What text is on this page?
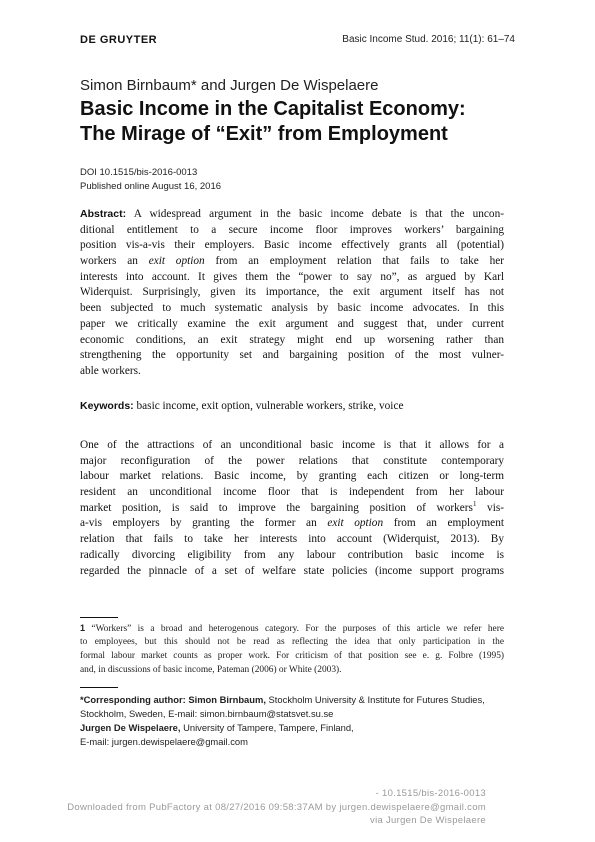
DE GRUYTER	Basic Income Stud. 2016; 11(1): 61–74
Simon Birnbaum* and Jurgen De Wispelaere
Basic Income in the Capitalist Economy:
The Mirage of “Exit” from Employment
DOI 10.1515/bis-2016-0013
Published online August 16, 2016
Abstract: A widespread argument in the basic income debate is that the uncon-
ditional entitlement to a secure income floor improves workers’ bargaining
position vis-a-vis their employers. Basic income effectively grants all (potential)
workers an exit option from an employment relation that fails to take her
interests into account. It gives them the “power to say no”, as argued by Karl
Widerquist. Surprisingly, given its importance, the exit argument itself has not
been subjected to much systematic analysis by basic income advocates. In this
paper we critically examine the exit argument and suggest that, under current
economic conditions, an exit strategy might end up worsening rather than
strengthening the opportunity set and bargaining position of the most vulner-
able workers.
Keywords: basic income, exit option, vulnerable workers, strike, voice
One of the attractions of an unconditional basic income is that it allows for a
major reconfiguration of the power relations that constitute contemporary
labour market relations. Basic income, by granting each citizen or long-term
resident an unconditional income floor that is independent from her labour
market position, is said to improve the bargaining position of workers$^1$ vis-
a-vis employers by granting the former an exit option from an employment
relation that fails to take her interests into account (Widerquist, 2013). By
radically divorcing eligibility from any labour contribution basic income is
regarded the pinnacle of a set of welfare state policies (income support programs
1 “Workers” is a broad and heterogenous category. For the purposes of this article we refer here
to employees, but this should not be read as reflecting the idea that only participation in the
formal labour market counts as proper work. For criticism of that position see e. g. Folbre (1995)
and, in discussions of basic income, Pateman (2006) or White (2003).
*Corresponding author: Simon Birnbaum, Stockholm University & Institute for Futures Studies,
Stockholm, Sweden, E-mail: simon.birnbaum@statsvet.su.se
Jurgen De Wispelaere, University of Tampere, Tampere, Finland,
E-mail: jurgen.dewispelaere@gmail.com
- 10.1515/bis-2016-0013
Downloaded from PubFactory at 08/27/2016 09:58:37AM by jurgen.dewispelaere@gmail.com
via Jurgen De Wispelaere
